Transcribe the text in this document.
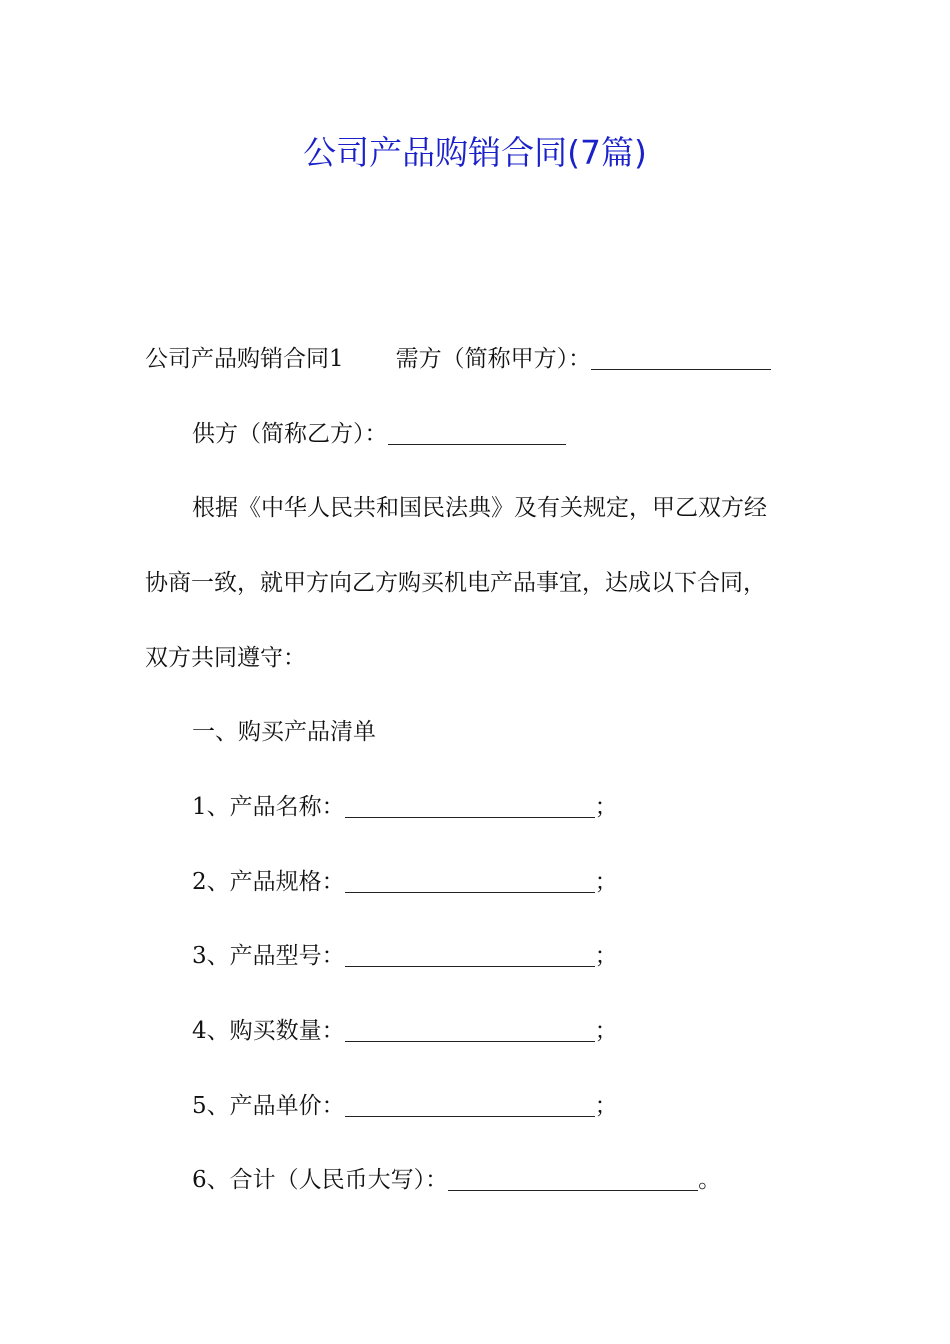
公司产品购销合同(7篇)
公司产品购销合同1 需方（简称甲方）：
供方（简称乙方）：
根据《中华人民共和国民法典》及有关规定，甲乙双方经
协商一致，就甲方向乙方购买机电产品事宜，达成以下合同，
双方共同遵守：
一、购买产品清单
1、产品名称：	；
2、产品规格：	；
3、产品型号：	；
4、购买数量：	；
5、产品单价：	；
6、合计（人民币大写）：	。
